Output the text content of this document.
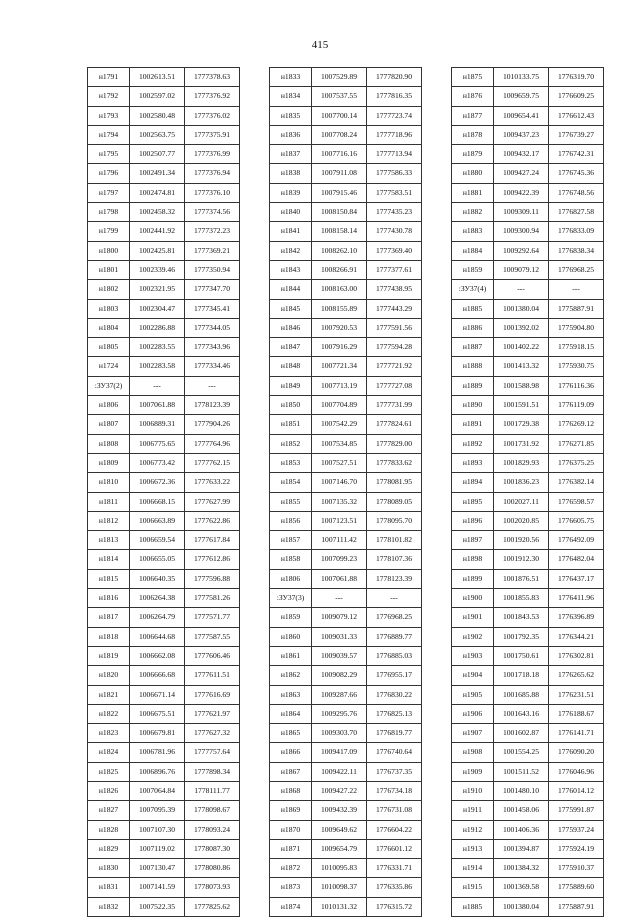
415
н1791	1002613.51	1777378.63
н1792	1002597.02	1777376.92
н1793	1002580.48	1777376.02
н1794	1002563.75	1777375.91
н1795	1002507.77	1777376.99
н1796	1002491.34	1777376.94
н1797	1002474.81	1777376.10
н1798	1002458.32	1777374.56
н1799	1002441.92	1777372.23
н1800	1002425.81	1777369.21
н1801	1002339.46	1777350.94
н1802	1002321.95	1777347.70
н1803	1002304.47	1777345.41
н1804	1002286.88	1777344.05
н1805	1002283.55	1777343.96
н1724	1002283.58	1777334.46
:ЗУ37(2)	---	---
н1806	1007061.88	1778123.39
н1807	1006889.31	1777904.26
н1808	1006775.65	1777764.96
н1809	1006773.42	1777762.15
н1810	1006672.36	1777633.22
н1811	1006668.15	1777627.99
н1812	1006663.89	1777622.86
н1813	1006659.54	1777617.84
н1814	1006655.05	1777612.86
н1815	1006640.35	1777596.88
н1816	1006264.38	1777581.26
н1817	1006264.79	1777571.77
н1818	1006644.68	1777587.55
н1819	1006662.08	1777606.46
н1820	1006666.68	1777611.51
н1821	1006671.14	1777616.69
н1822	1006675.51	1777621.97
н1823	1006679.81	1777627.32
н1824	1006781.96	1777757.64
н1825	1006896.76	1777898.34
н1826	1007064.84	1778111.77
н1827	1007095.39	1778098.67
н1828	1007107.30	1778093.24
н1829	1007119.02	1778087.30
н1830	1007130.47	1778080.86
н1831	1007141.59	1778073.93
н1832	1007522.35	1777825.62
н1833	1007529.89	1777820.90
н1834	1007537.55	1777816.35
н1835	1007700.14	1777723.74
н1836	1007708.24	1777718.96
н1837	1007716.16	1777713.94
н1838	1007911.08	1777586.33
н1839	1007915.46	1777583.51
н1840	1008150.84	1777435.23
н1841	1008158.14	1777430.78
н1842	1008262.10	1777369.40
н1843	1008266.91	1777377.61
н1844	1008163.00	1777438.95
н1845	1008155.89	1777443.29
н1846	1007920.53	1777591.56
н1847	1007916.29	1777594.28
н1848	1007721.34	1777721.92
н1849	1007713.19	1777727.08
н1850	1007704.89	1777731.99
н1851	1007542.29	1777824.61
н1852	1007534.85	1777829.00
н1853	1007527.51	1777833.62
н1854	1007146.70	1778081.95
н1855	1007135.32	1778089.05
н1856	1007123.51	1778095.70
н1857	1007111.42	1778101.82
н1858	1007099.23	1778107.36
н1806	1007061.88	1778123.39
:ЗУ37(3)	---	---
н1859	1009079.12	1776968.25
н1860	1009031.33	1776889.77
н1861	1009039.57	1776885.03
н1862	1009082.29	1776955.17
н1863	1009287.66	1776830.22
н1864	1009295.76	1776825.13
н1865	1009303.70	1776819.77
н1866	1009417.09	1776740.64
н1867	1009422.11	1776737.35
н1868	1009427.22	1776734.18
н1869	1009432.39	1776731.08
н1870	1009649.62	1776604.22
н1871	1009654.79	1776601.12
н1872	1010095.83	1776331.71
н1873	1010098.37	1776335.86
н1874	1010131.32	1776315.72
н1875	1010133.75	1776319.70
н1876	1009659.75	1776609.25
н1877	1009654.41	1776612.43
н1878	1009437.23	1776739.27
н1879	1009432.17	1776742.31
н1880	1009427.24	1776745.36
н1881	1009422.39	1776748.56
н1882	1009309.11	1776827.58
н1883	1009300.94	1776833.09
н1884	1009292.64	1776838.34
н1859	1009079.12	1776968.25
:ЗУ37(4)	---	---
н1885	1001380.04	1775887.91
н1886	1001392.02	1775904.80
н1887	1001402.22	1775918.15
н1888	1001413.32	1775930.75
н1889	1001588.98	1776116.36
н1890	1001591.51	1776119.09
н1891	1001729.38	1776269.12
н1892	1001731.92	1776271.85
н1893	1001829.93	1776375.25
н1894	1001836.23	1776382.14
н1895	1002027.11	1776598.57
н1896	1002020.85	1776605.75
н1897	1001920.56	1776492.09
н1898	1001912.30	1776482.04
н1899	1001876.51	1776437.17
н1900	1001855.83	1776411.96
н1901	1001843.53	1776396.89
н1902	1001792.35	1776344.21
н1903	1001750.61	1776302.81
н1904	1001718.18	1776265.62
н1905	1001685.88	1776231.51
н1906	1001643.16	1776188.67
н1907	1001602.87	1776141.71
н1908	1001554.25	1776090.20
н1909	1001511.52	1776046.96
н1910	1001480.10	1776014.12
н1911	1001458.06	1775991.87
н1912	1001406.36	1775937.24
н1913	1001394.87	1775924.19
н1914	1001384.32	1775910.37
н1915	1001369.58	1775889.60
н1885	1001380.04	1775887.91
